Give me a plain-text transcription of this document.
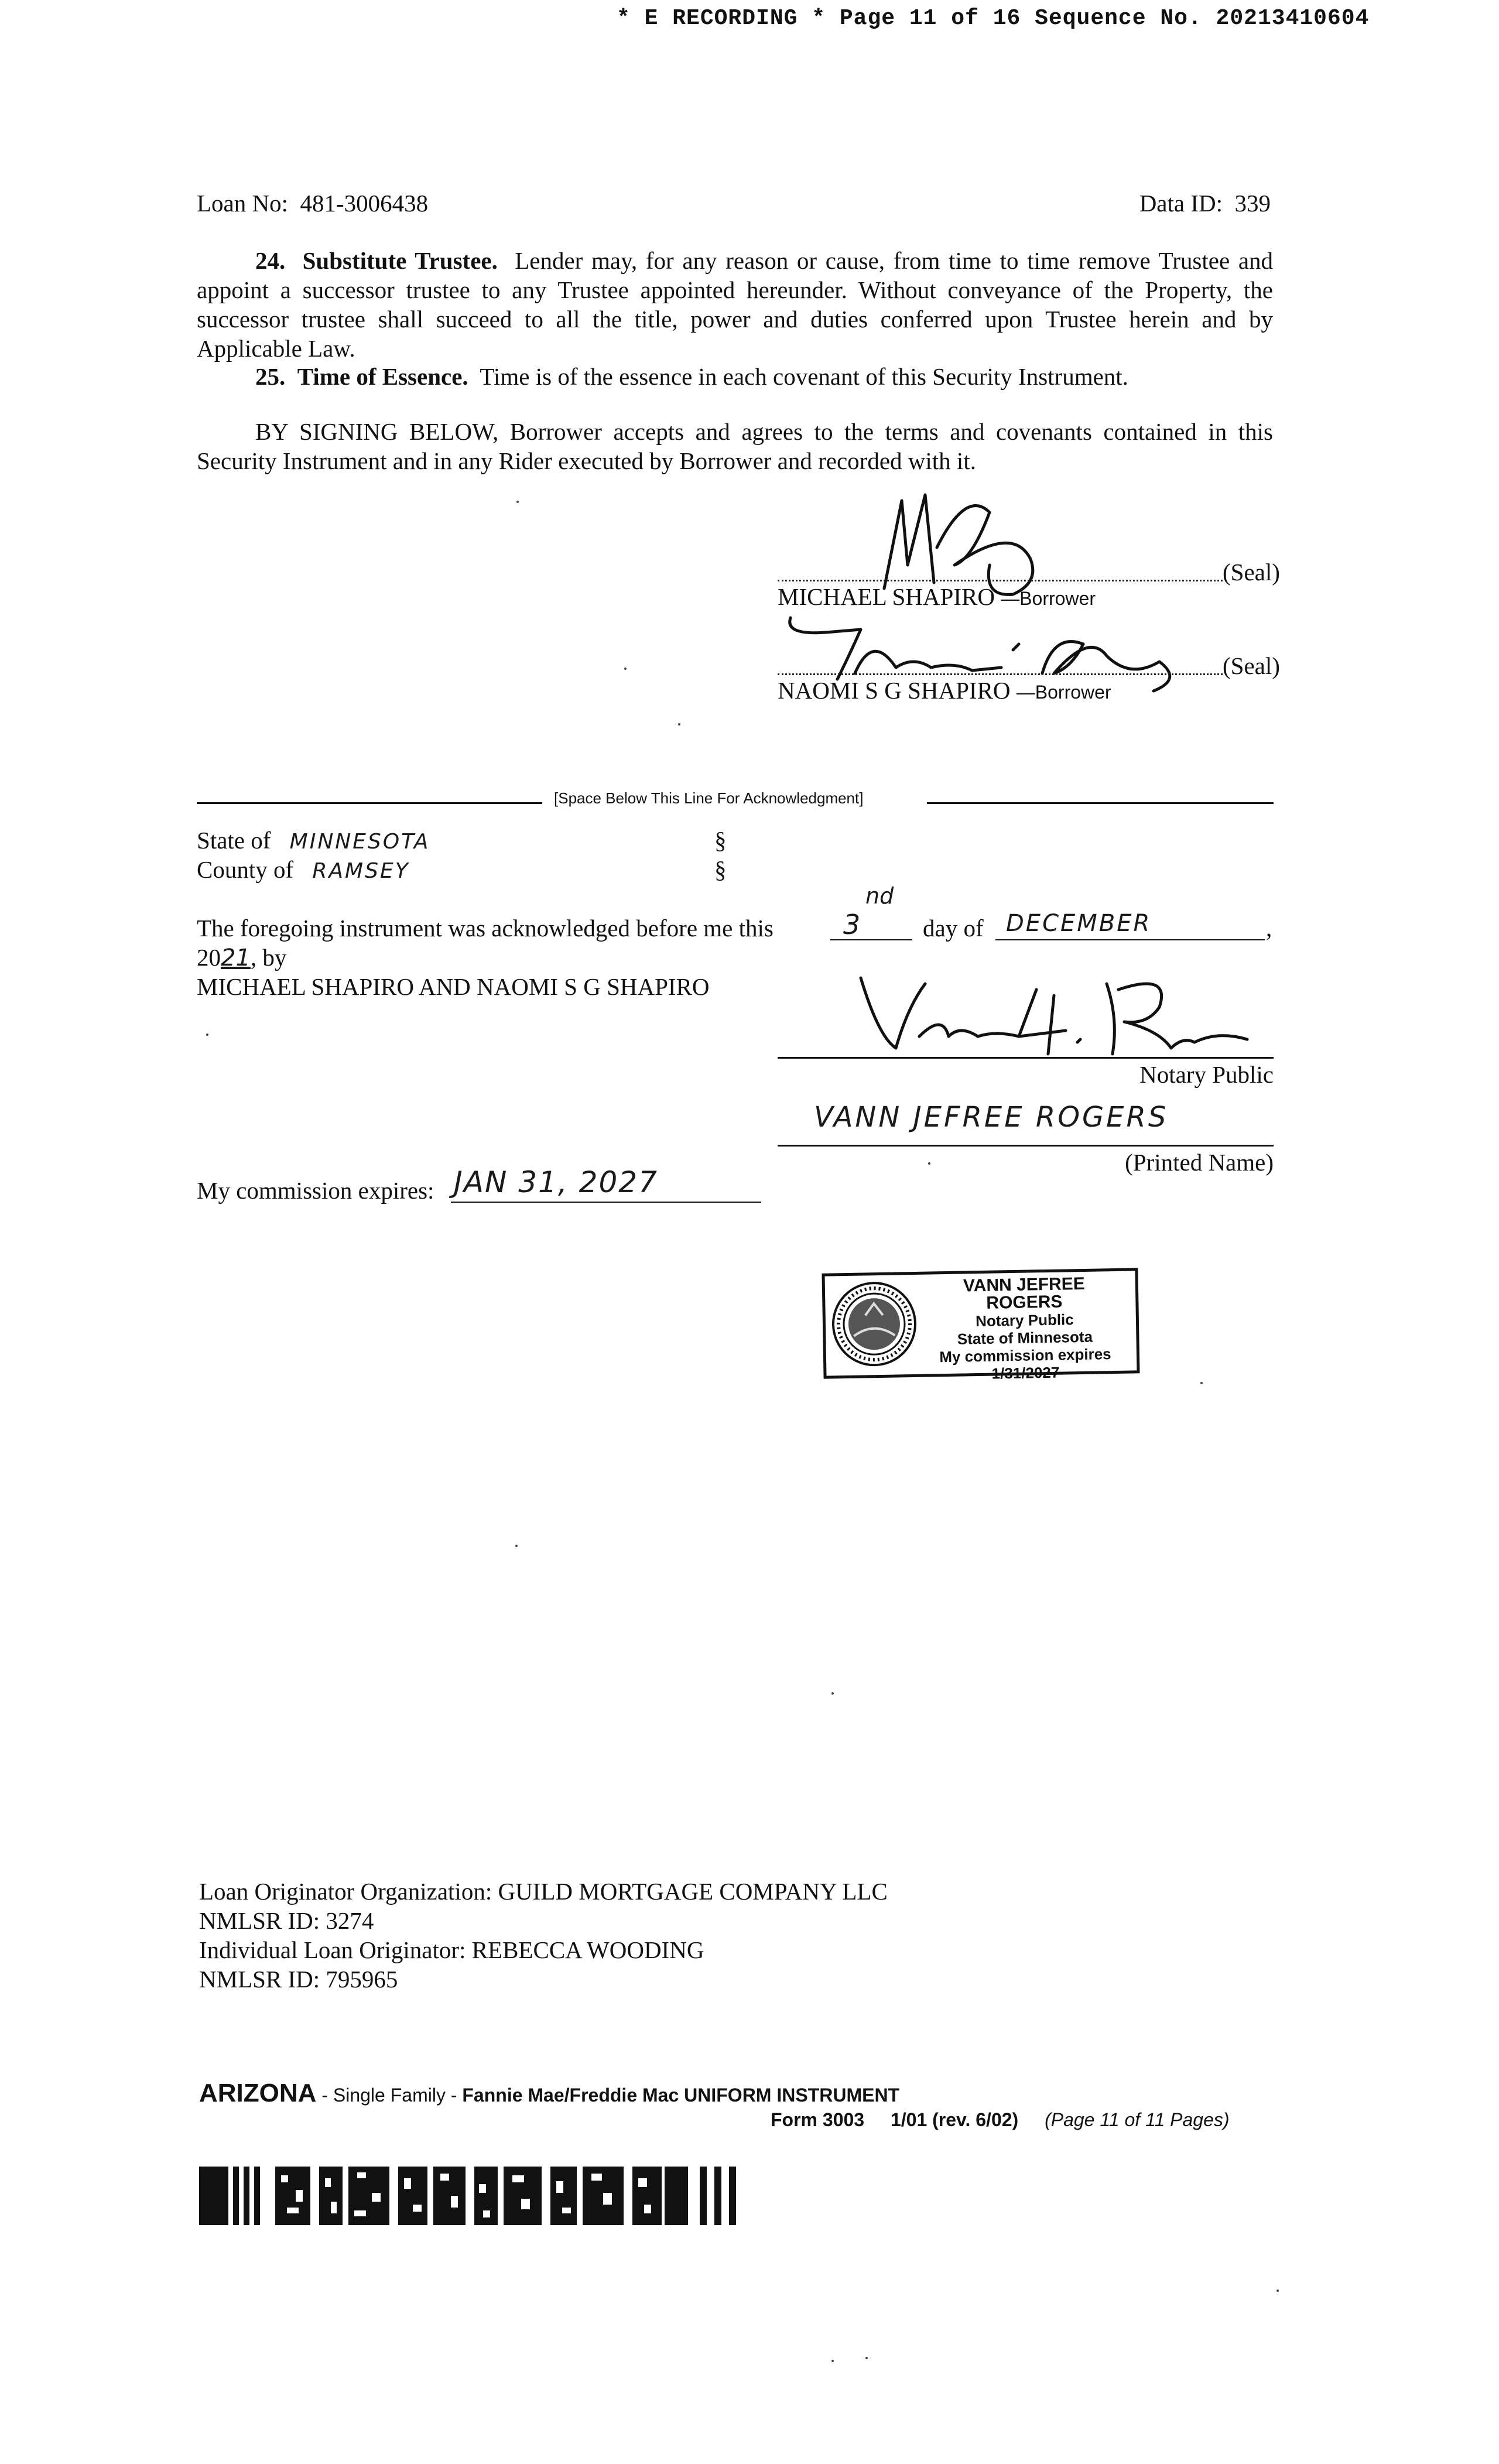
* E RECORDING * Page 11 of 16 Sequence No. 20213410604
Loan No: 481-3006438	Data ID: 339
24. Substitute Trustee. Lender may, for any reason or cause, from time to time remove Trustee and appoint a successor trustee to any Trustee appointed hereunder. Without conveyance of the Property, the successor trustee shall succeed to all the title, power and duties conferred upon Trustee herein and by Applicable Law.
25. Time of Essence. Time is of the essence in each covenant of this Security Instrument.
BY SIGNING BELOW, Borrower accepts and agrees to the terms and covenants contained in this Security Instrument and in any Rider executed by Borrower and recorded with it.
(Seal)
MICHAEL SHAPIRO —Borrower
(Seal)
NAOMI S G SHAPIRO —Borrower
[Space Below This Line For Acknowledgment]
State of MINNESOTA	§
County of RAMSEY	§
The foregoing instrument was acknowledged before me this	3
nd
day of DECEMBER	,
2021, by
MICHAEL SHAPIRO AND NAOMI S G SHAPIRO
Notary Public
VANN JEFREE ROGERS
(Printed Name)
My commission expires: JAN 31, 2027
VANN JEFREE ROGERS
Notary Public
State of Minnesota
My commission expires
1/31/2027
Loan Originator Organization: GUILD MORTGAGE COMPANY LLC
NMLSR ID: 3274
Individual Loan Originator: REBECCA WOODING
NMLSR ID: 795965
ARIZONA - Single Family - Fannie Mae/Freddie Mac UNIFORM INSTRUMENT
Form 3003 1/01 (rev. 6/02) (Page 11 of 11 Pages)
